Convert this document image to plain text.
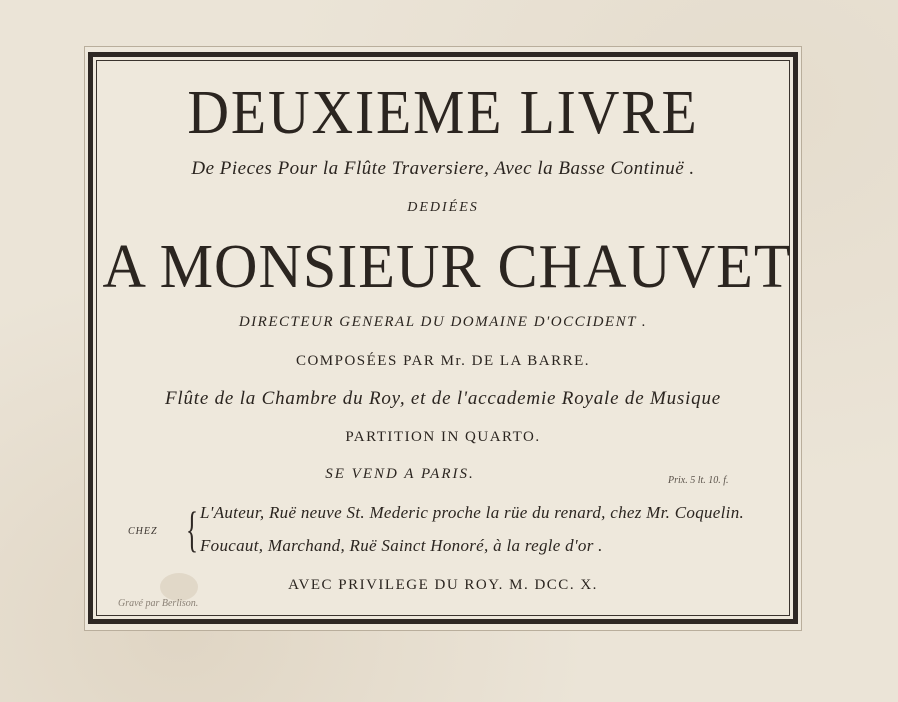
DEUXIEME LIVRE
De Pieces Pour la Flûte Traversiere, Avec la Basse Continuë .
DEDIÉES
A MONSIEUR CHAUVET
DIRECTEUR GENERAL DU DOMAINE D'OCCIDENT .
COMPOSÉES PAR Mr. DE LA BARRE.
Flûte de la Chambre du Roy, et de l'accademie Royale de Musique
PARTITION IN QUARTO.
SE VEND A PARIS.	Prix. 5 lt. 10. f.
CHEZ { L'Auteur, Ruë neuve St. Mederic proche la rüe du renard, chez Mr. Coquelin.
Foucaut, Marchand, Ruë Sainct Honoré, à la regle d'or .
AVEC PRIVILEGE DU ROY. M. DCC. X.
Gravé par Berlison.
